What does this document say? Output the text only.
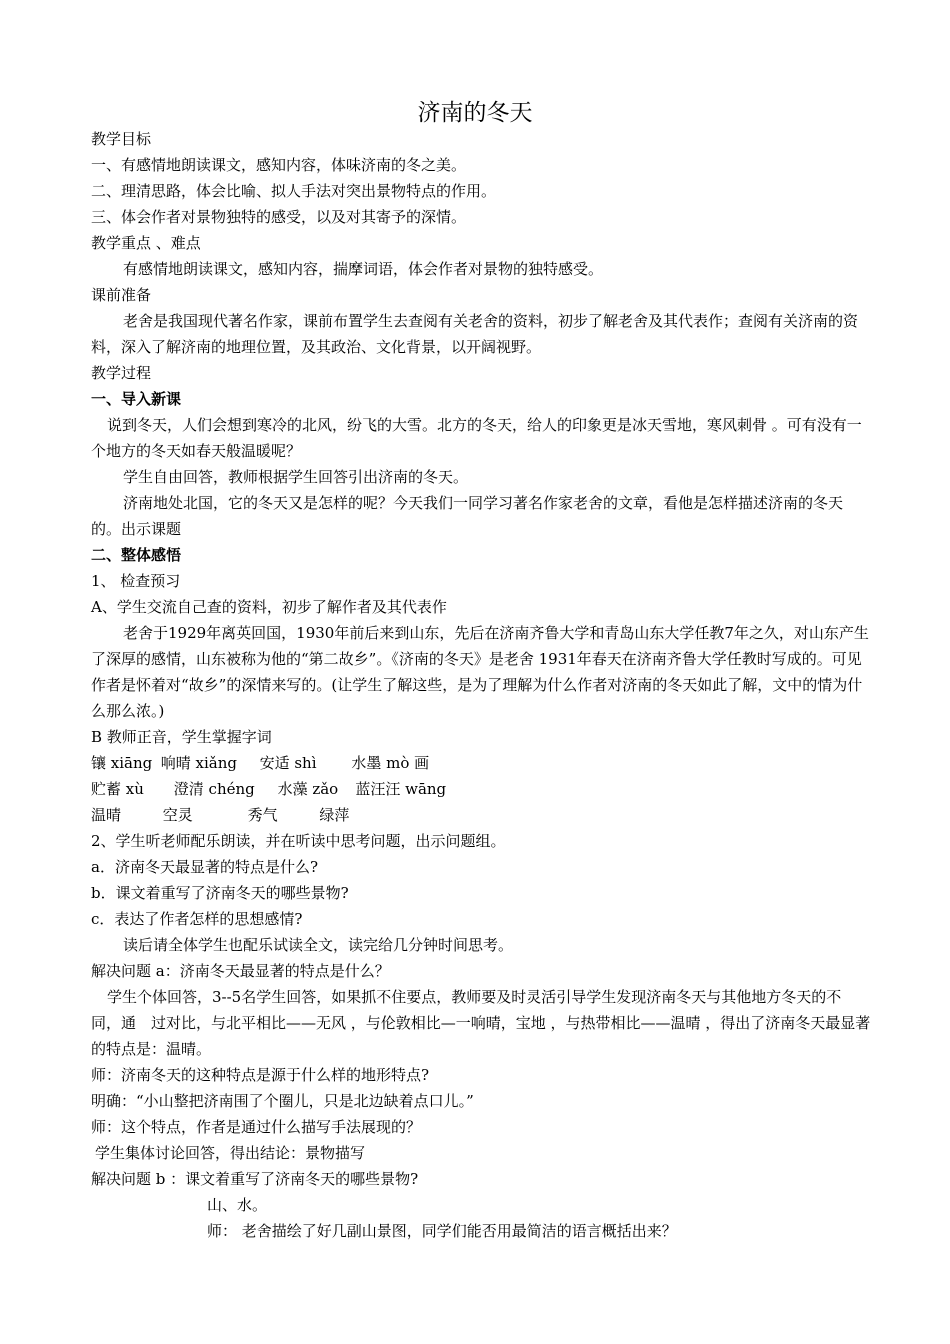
济南的冬天

教学目标

一、有感情地朗读课文，感知内容，体味济南的冬之美。

二、理清思路，体会比喻、拟人手法对突出景物特点的作用。

三、体会作者对景物独特的感受，以及对其寄予的深情。

教学重点 、难点

有感情地朗读课文，感知内容，揣摩词语，体会作者对景物的独特感受。

课前准备

老舍是我国现代著名作家，课前布置学生去查阅有关老舍的资料，初步了解老舍及其代表作；查阅有关济南的资料，深入了解济南的地理位置，及其政治、文化背景，以开阔视野。

教学过程

一、导入新课

说到冬天，人们会想到寒冷的北风，纷飞的大雪。北方的冬天，给人的印象更是冰天雪地，寒风刺骨 。可有没有一个地方的冬天如春天般温暖呢？

学生自由回答，教师根据学生回答引出济南的冬天。

济南地处北国，它的冬天又是怎样的呢？今天我们一同学习著名作家老舍的文章，看他是怎样描述济南的冬天的。出示课题

二、整体感悟

1、 检查预习

A、学生交流自己查的资料，初步了解作者及其代表作

老舍于1929年离英回国，1930年前后来到山东，先后在济南齐鲁大学和青岛山东大学任教7年之久，对山东产生了深厚的感情，山东被称为他的“第二故乡”。《济南的冬天》是老舍 1931年春天在济南齐鲁大学任教时写成的。可见作者是怀着对“故乡”的深情来写的。(让学生了解这些，是为了理解为什么作者对济南的冬天如此了解，文中的情为什么那么浓。)

B 教师正音，学生掌握字词

镶 xiāng 响晴 xiǎng 安适 shì 水墨 mò 画

贮蓄 xù 澄清 chéng 水藻 zǎo 蓝汪汪 wāng

温晴	空灵	秀气	绿萍

2、学生听老师配乐朗读，并在听读中思考问题，出示问题组。

a．济南冬天最显著的特点是什么?

b．课文着重写了济南冬天的哪些景物?

c．表达了作者怎样的思想感情?

读后请全体学生也配乐试读全文，读完给几分钟时间思考。

解决问题 a：济南冬天最显著的特点是什么？

学生个体回答，3--5名学生回答，如果抓不住要点，教师要及时灵活引导学生发现济南冬天与其他地方冬天的不同，通　过对比，与北平相比——无风 ，与伦敦相比—一响晴，宝地 ，与热带相比——温晴 ，得出了济南冬天最显著的特点是：温晴。

师：济南冬天的这种特点是源于什么样的地形特点?

明确：“小山整把济南围了个圈儿，只是北边缺着点口儿。”

师：这个特点，作者是通过什么描写手法展现的？

学生集体讨论回答，得出结论：景物描写

解决问题 b ：课文着重写了济南冬天的哪些景物?

山、水。

师： 老舍描绘了好几副山景图，同学们能否用最简洁的语言概括出来？
